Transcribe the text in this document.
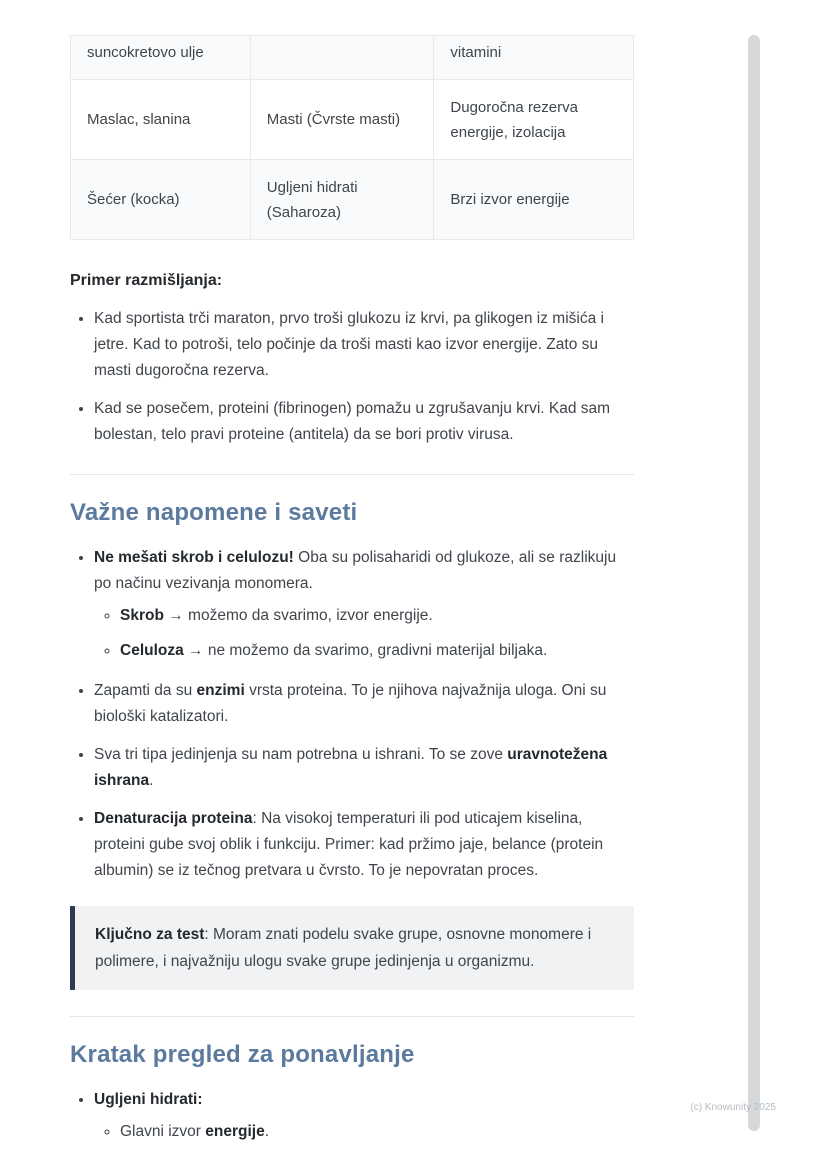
suncokretovo ulje		vitamini
Maslac, slanina	Masti (Čvrste masti)	Dugoročna rezerva energije, izolacija
Šećer (kocka)	Ugljeni hidrati (Saharoza)	Brzi izvor energije

Primer razmišljanja:

• Kad sportista trči maraton, prvo troši glukozu iz krvi, pa glikogen iz mišića i jetre. Kad to potroši, telo počinje da troši masti kao izvor energije. Zato su masti dugoročna rezerva.
• Kad se posečem, proteini (fibrinogen) pomažu u zgrušavanju krvi. Kad sam bolestan, telo pravi proteine (antitela) da se bori protiv virusa.
Važne napomene i saveti
• Ne mešati skrob i celulozu! Oba su polisaharidi od glukoze, ali se razlikuju po načinu vezivanja monomera.
◦ Skrob → možemo da svarimo, izvor energije.
◦ Celuloza → ne možemo da svarimo, gradivni materijal biljaka.
• Zapamti da su enzimi vrsta proteina. To je njihova najvažnija uloga. Oni su biološki katalizatori.
• Sva tri tipa jedinjenja su nam potrebna u ishrani. To se zove uravnotežena ishrana.
• Denaturacija proteina: Na visokoj temperaturi ili pod uticajem kiselina, proteini gube svoj oblik i funkciju. Primer: kad pržimo jaje, belance (protein albumin) se iz tečnog pretvara u čvrsto. To je nepovratan proces.
Ključno za test: Moram znati podelu svake grupe, osnovne monomere i polimere, i najvažniju ulogu svake grupe jedinjenja u organizmu.
Kratak pregled za ponavljanje
• Ugljeni hidrati:
◦ Glavni izvor energije.
(c) Knowunity 2025
